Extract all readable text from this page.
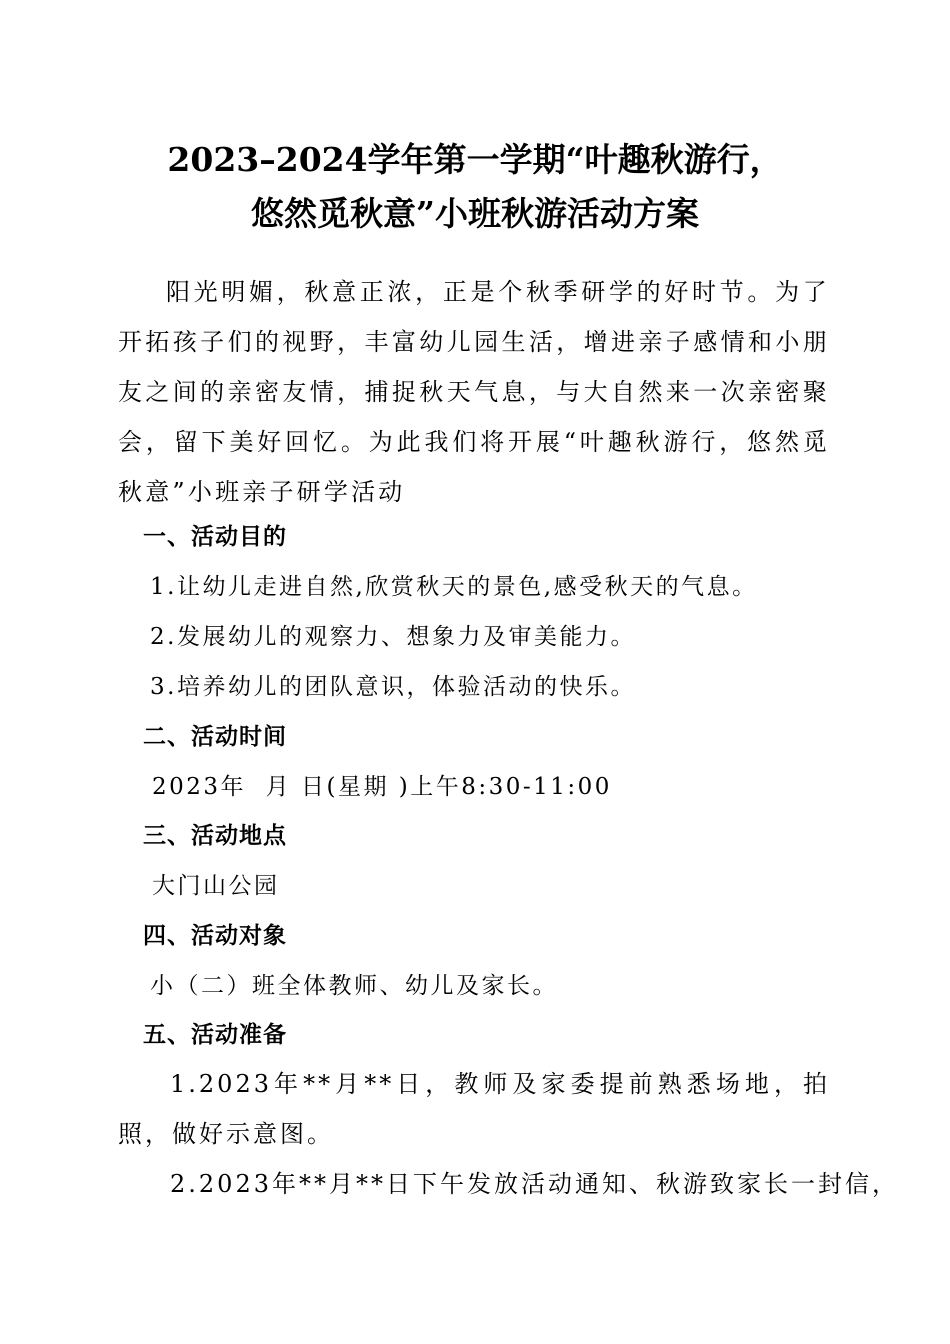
2023–2024学年第一学期“叶趣秋游行，
悠然觅秋意”小班秋游活动方案
阳光明媚，秋意正浓，正是个秋季研学的好时节。为了开拓孩子们的视野，丰富幼儿园生活，增进亲子感情和小朋友之间的亲密友情，捕捉秋天气息，与大自然来一次亲密聚会，留下美好回忆。为此我们将开展“叶趣秋游行，悠然觅秋意”小班亲子研学活动
一、活动目的
1.让幼儿走进自然,欣赏秋天的景色,感受秋天的气息。
2.发展幼儿的观察力、想象力及审美能力。
3.培养幼儿的团队意识，体验活动的快乐。
二、活动时间
2023年  月 日(星期 )上午8:30-11:00
三、活动地点
大门山公园
四、活动对象
小（二）班全体教师、幼儿及家长。
五、活动准备
1.2023年**月**日，教师及家委提前熟悉场地，拍照，做好示意图。
2.2023年**月**日下午发放活动通知、秋游致家长一封信，
